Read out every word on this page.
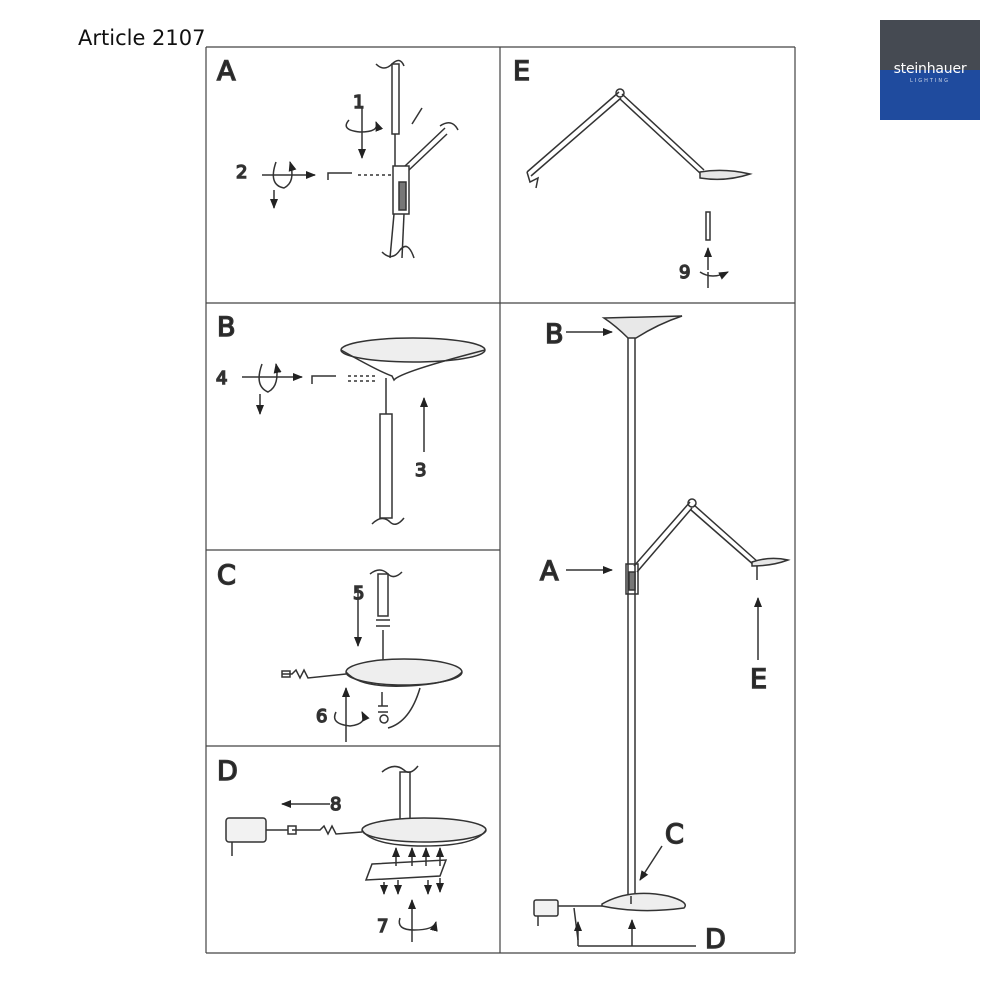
Article 2107
steinhauer
LIGHTING
A
1
2
E
9
B
4
3
C
5
6
D
8
7
B
A
E
C
D
